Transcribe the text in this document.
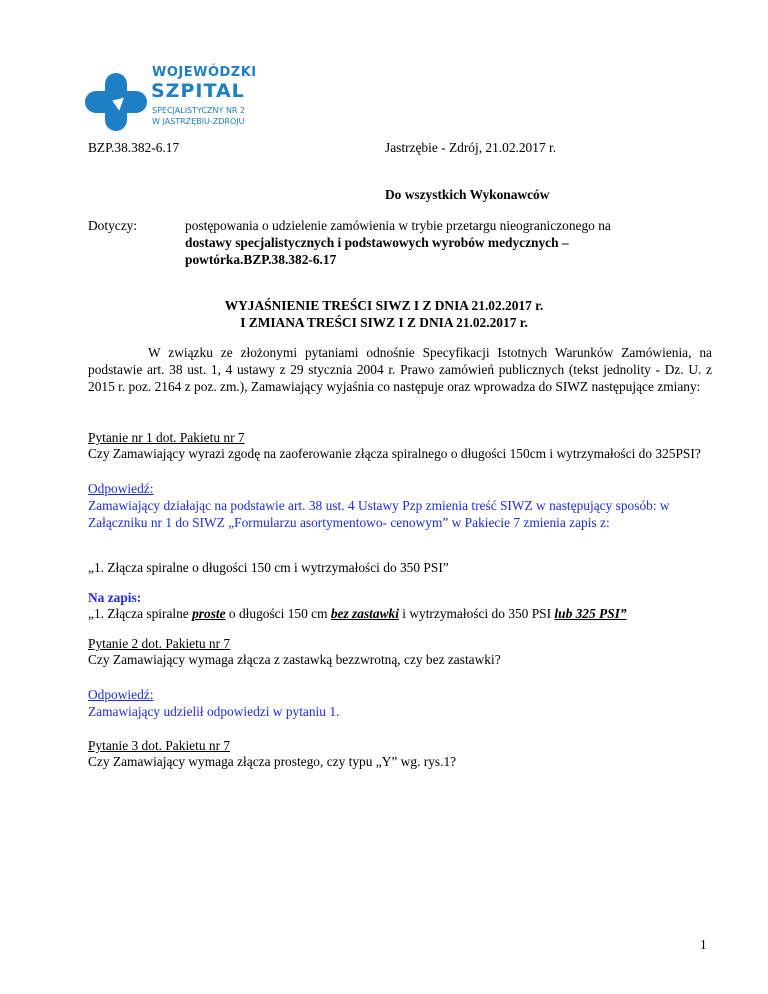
WOJEWÓDZKI
SZPITAL
SPECJALISTYCZNY NR 2
W JASTRZĘBIU-ZDROJU
BZP.38.382-6.17	Jastrzębie - Zdrój, 21.02.2017 r.
Do wszystkich Wykonawców
Dotyczy:	postępowania o udzielenie zamówienia w trybie przetargu nieograniczonego na
dostawy specjalistycznych i podstawowych wyrobów medycznych –
powtórka.BZP.38.382-6.17
WYJAŚNIENIE TREŚCI SIWZ I Z DNIA 21.02.2017 r.
I ZMIANA TREŚCI SIWZ I Z DNIA 21.02.2017 r.
W związku ze złożonymi pytaniami odnośnie Specyfikacji Istotnych Warunków Zamówienia, na podstawie art. 38 ust. 1, 4 ustawy z 29 stycznia 2004 r. Prawo zamówień publicznych (tekst jednolity - Dz. U. z 2015 r. poz. 2164 z poz. zm.), Zamawiający wyjaśnia co następuje oraz wprowadza do SIWZ następujące zmiany:
Pytanie nr 1 dot. Pakietu nr 7
Czy Zamawiający wyrazi zgodę na zaoferowanie złącza spiralnego o długości 150cm i wytrzymałości do 325PSI?
Odpowiedź:
Zamawiający działając na podstawie art. 38 ust. 4 Ustawy Pzp zmienia treść SIWZ w następujący sposób: w Załączniku nr 1 do SIWZ „Formularzu asortymentowo- cenowym” w Pakiecie 7 zmienia zapis z:
„1. Złącza spiralne o długości 150 cm i wytrzymałości do 350 PSI”
Na zapis:
„1. Złącza spiralne proste o długości 150 cm bez zastawki i wytrzymałości do 350 PSI lub 325 PSI”
Pytanie 2 dot. Pakietu nr 7
Czy Zamawiający wymaga złącza z zastawką bezzwrotną, czy bez zastawki?
Odpowiedź:
Zamawiający udzielił odpowiedzi w pytaniu 1.
Pytanie 3 dot. Pakietu nr 7
Czy Zamawiający wymaga złącza prostego, czy typu „Y” wg. rys.1?
1
